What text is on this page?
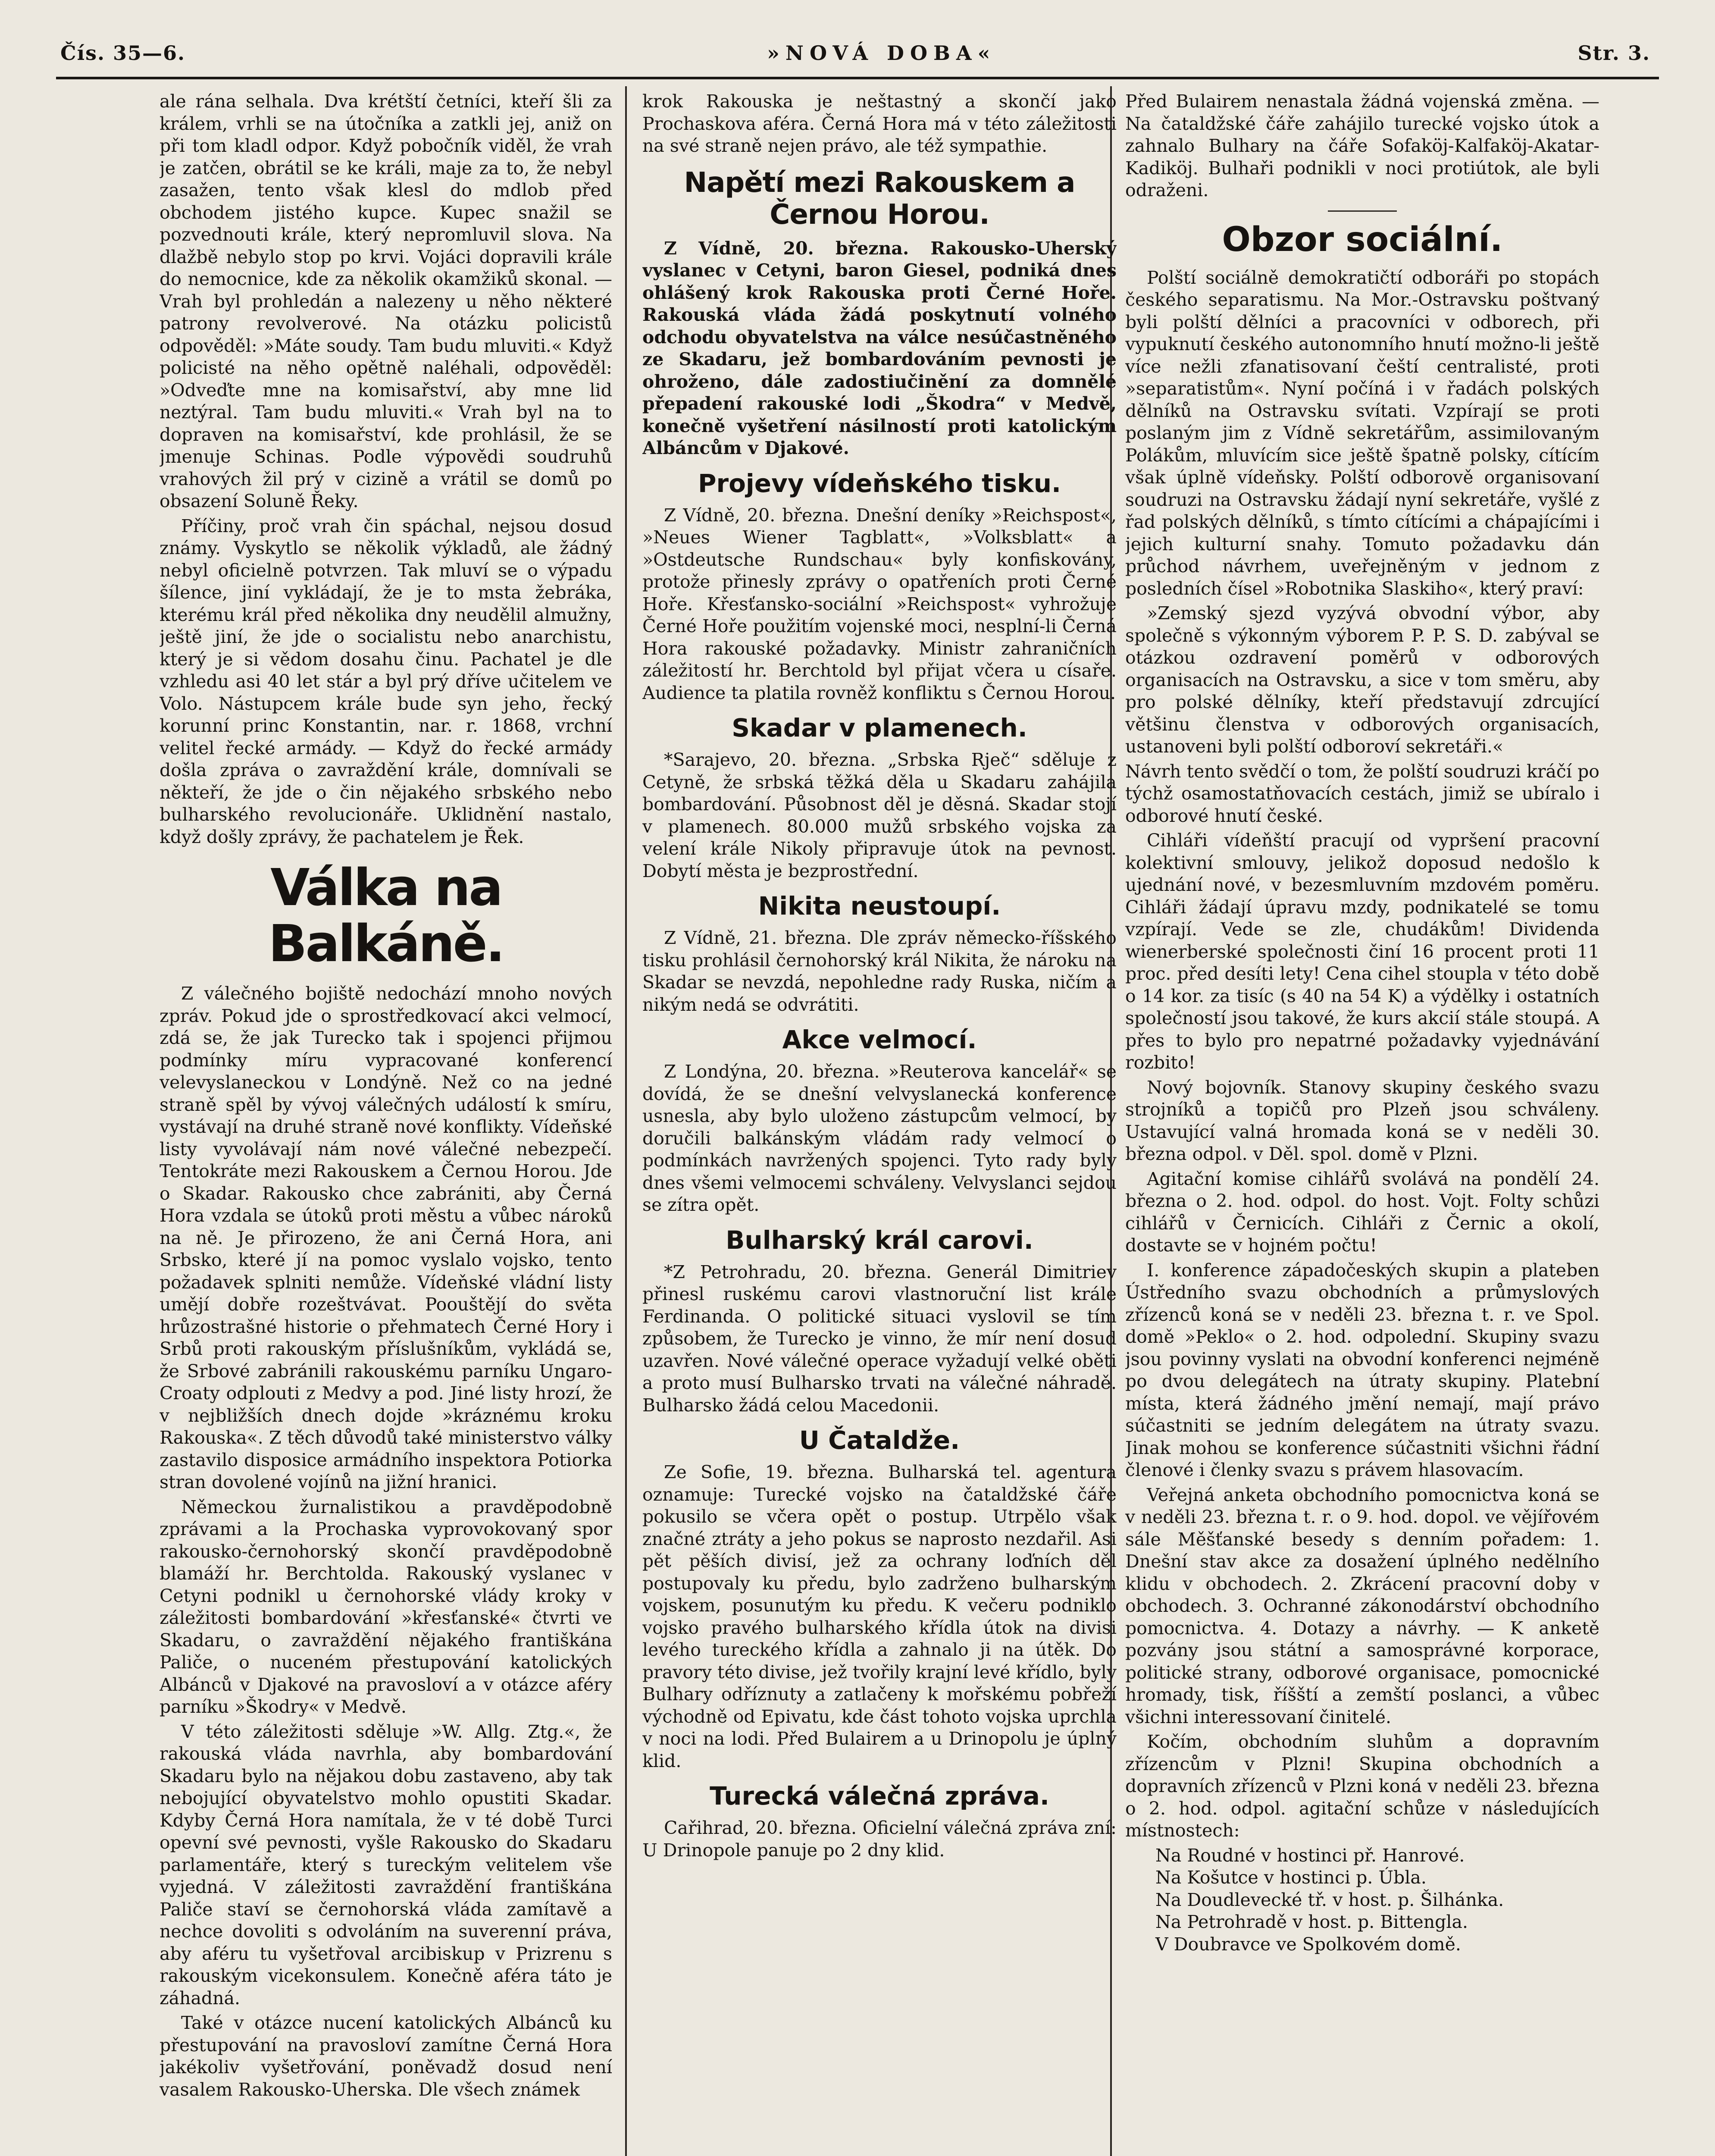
Čís. 35—6.	»NOVÁ DOBA«	Str. 3.

ale rána selhala. Dva krétští četníci, kteří šli za králem, vrhli se na útočníka a zatkli jej, aniž on při tom kladl odpor. Když pobočník viděl, že vrah je zatčen, obrátil se ke králi, maje za to, že nebyl zasažen, tento však klesl do mdlob před obchodem jistého kupce. Kupec snažil se pozvednouti krále, který nepromluvil slova. Na dlažbě nebylo stop po krvi. Vojáci dopravili krále do nemocnice, kde za několik okamžiků skonal. — Vrah byl prohledán a nalezeny u něho některé patrony revolverové. Na otázku policistů odpověděl: »Máte soudy. Tam budu mluviti.« Když policisté na něho opětně naléhali, odpověděl: »Odveďte mne na komisařství, aby mne lid neztýral. Tam budu mluviti.« Vrah byl na to dopraven na komisařství, kde prohlásil, že se jmenuje Schinas. Podle výpovědi soudruhů vrahových žil prý v cizině a vrátil se domů po obsazení Soluně Řeky.

Příčiny, proč vrah čin spáchal, nejsou dosud známy. Vyskytlo se několik výkladů, ale žádný nebyl oficielně potvrzen. Tak mluví se o výpadu šílence, jiní vykládají, že je to msta žebráka, kterému král před několika dny neudělil almužny, ještě jiní, že jde o socialistu nebo anarchistu, který je si vědom dosahu činu. Pachatel je dle vzhledu asi 40 let stár a byl prý dříve učitelem ve Volo. Nástupcem krále bude syn jeho, řecký korunní princ Konstantin, nar. r. 1868, vrchní velitel řecké armády. — Když do řecké armády došla zpráva o zavraždění krále, domnívali se někteří, že jde o čin nějakého srbského nebo bulharského revolucionáře. Uklidnění nastalo, když došly zprávy, že pachatelem je Řek.

Válka na Balkáně.

Z válečného bojiště nedochází mnoho nových zpráv. Pokud jde o sprostředkovací akci velmocí, zdá se, že jak Turecko tak i spojenci přijmou podmínky míru vypracované konferencí velevyslaneckou v Londýně. Než co na jedné straně spěl by vývoj válečných událostí k smíru, vystávají na druhé straně nové konflikty. Vídeňské listy vyvolávají nám nové válečné nebezpečí. Tentokráte mezi Rakouskem a Černou Horou. Jde o Skadar. Rakousko chce zabrániti, aby Černá Hora vzdala se útoků proti městu a vůbec nároků na ně. Je přirozeno, že ani Černá Hora, ani Srbsko, které jí na pomoc vyslalo vojsko, tento požadavek splniti nemůže. Vídeňské vládní listy umějí dobře rozeštvávat. Poouštějí do světa hrůzostrašné historie o přehmatech Černé Hory i Srbů proti rakouským příslušníkům, vykládá se, že Srbové zabránili rakouskému parníku Ungaro-Croaty odplouti z Medvy a pod. Jiné listy hrozí, že v nejbližších dnech dojde »kráznému kroku Rakouska«. Z těch důvodů také ministerstvo války zastavilo disposice armádního inspektora Potiorka stran dovolené vojínů na jižní hranici.

Německou žurnalistikou a pravděpodobně zprávami a la Prochaska vyprovokovaný spor rakousko-černohorský skončí pravděpodobně blamáží hr. Berchtolda. Rakouský vyslanec v Cetyni podnikl u černohorské vlády kroky v záležitosti bombardování »křesťanské« čtvrti ve Skadaru, o zavraždění nějakého františkána Paliče, o nuceném přestupování katolických Albánců v Djakové na pravosloví a v otázce aféry parníku »Škodry« v Medvě.

V této záležitosti sděluje »W. Allg. Ztg.«, že rakouská vláda navrhla, aby bombardování Skadaru bylo na nějakou dobu zastaveno, aby tak nebojující obyvatelstvo mohlo opustiti Skadar. Kdyby Černá Hora namítala, že v té době Turci opevní své pevnosti, vyšle Rakousko do Skadaru parlamentáře, který s tureckým velitelem vše vyjedná. V záležitosti zavraždění františkána Paliče staví se černohorská vláda zamítavě a nechce dovoliti s odvoláním na suverenní práva, aby aféru tu vyšetřoval arcibiskup v Prizrenu s rakouským vicekonsulem. Konečně aféra táto je záhadná.

Také v otázce nucení katolických Albánců ku přestupování na pravosloví zamítne Černá Hora jakékoliv vyšetřování, poněvadž dosud není vasalem Rakousko-Uherska. Dle všech známek

krok Rakouska je neštastný a skončí jako Prochaskova aféra. Černá Hora má v této záležitosti na své straně nejen právo, ale též sympathie.

Napětí mezi Rakouskem a Černou Horou.

Z Vídně, 20. března. Rakousko-Uherský vyslanec v Cetyni, baron Giesel, podniká dnes ohlášený krok Rakouska proti Černé Hoře. Rakouská vláda žádá poskytnutí volného odchodu obyvatelstva na válce nesúčastněného ze Skadaru, jež bombardováním pevnosti je ohroženo, dále zadostiučinění za domnělé přepadení rakouské lodi „Škodra“ v Medvě, konečně vyšetření násilností proti katolickým Albáncům v Djakové.

Projevy vídeňského tisku.

Z Vídně, 20. března. Dnešní deníky »Reichspost«, »Neues Wiener Tagblatt«, »Volksblatt« a »Ostdeutsche Rundschau« byly konfiskovány, protože přinesly zprávy o opatřeních proti Černé Hoře. Křesťansko-sociální »Reichspost« vyhrožuje Černé Hoře použitím vojenské moci, nesplní-li Černá Hora rakouské požadavky. Ministr zahraničních záležitostí hr. Berchtold byl přijat včera u císaře. Audience ta platila rovněž konfliktu s Černou Horou.

Skadar v plamenech.

*Sarajevo, 20. března. „Srbska Rječ“ sděluje z Cetyně, že srbská těžká děla u Skadaru zahájila bombardování. Působnost děl je děsná. Skadar stojí v plamenech. 80.000 mužů srbského vojska za velení krále Nikoly připravuje útok na pevnost. Dobytí města je bezprostřední.

Nikita neustoupí.

Z Vídně, 21. března. Dle zpráv německo-říšského tisku prohlásil černohorský král Nikita, že nároku na Skadar se nevzdá, nepohledne rady Ruska, ničím a nikým nedá se odvrátiti.

Akce velmocí.

Z Londýna, 20. března. »Reuterova kancelář« se dovídá, že se dnešní velvyslanecká konference usnesla, aby bylo uloženo zástupcům velmocí, by doručili balkánským vládám rady velmocí o podmínkách navržených spojenci. Tyto rady byly dnes všemi velmocemi schváleny. Velvyslanci sejdou se zítra opět.

Bulharský král carovi.

*Z Petrohradu, 20. března. Generál Dimitriev přinesl ruskému carovi vlastnoruční list krále Ferdinanda. O politické situaci vyslovil se tím způsobem, že Turecko je vinno, že mír není dosud uzavřen. Nové válečné operace vyžadují velké oběti a proto musí Bulharsko trvati na válečné náhradě. Bulharsko žádá celou Macedonii.

U Čataldže.

Ze Sofie, 19. března. Bulharská tel. agentura oznamuje: Turecké vojsko na čataldžské čáře pokusilo se včera opět o postup. Utrpělo však značné ztráty a jeho pokus se naprosto nezdařil. Asi pět pěších divisí, jež za ochrany loďních děl postupovaly ku předu, bylo zadrženo bulharským vojskem, posunutým ku předu. K večeru podniklo vojsko pravého bulharského křídla útok na divisi levého tureckého křídla a zahnalo ji na útěk. Do pravory této divise, jež tvořily krajní levé křídlo, byly Bulhary odříznuty a zatlačeny k mořskému pobřeží východně od Epivatu, kde část tohoto vojska uprchla v noci na lodi. Před Bulairem a u Drinopolu je úplný klid.

Turecká válečná zpráva.

Cařihrad, 20. března. Oficielní válečná zpráva zní: U Drinopole panuje po 2 dny klid.

Před Bulairem nenastala žádná vojenská změna. — Na čataldžské čáře zahájilo turecké vojsko útok a zahnalo Bulhary na čáře Sofaköj-Kalfaköj-Akatar-Kadiköj. Bulhaři podnikli v noci protiútok, ale byli odraženi.

Obzor sociální.

Polští sociálně demokratičtí odboráři po stopách českého separatismu. Na Mor.-Ostravsku poštvaný byli polští dělníci a pracovníci v odborech, při vypuknutí českého autonomního hnutí možno-li ještě více nežli zfanatisovaní čeští centralisté, proti »separatistům«. Nyní počíná i v řadách polských dělníků na Ostravsku svítati. Vzpírají se proti poslaným jim z Vídně sekretářům, assimilovaným Polákům, mluvícím sice ještě špatně polsky, cítícím však úplně vídeňsky. Polští odborově organisovaní soudruzi na Ostravsku žádají nyní sekretáře, vyšlé z řad polských dělníků, s tímto cítícími a chápajícími i jejich kulturní snahy. Tomuto požadavku dán průchod návrhem, uveřejněným v jednom z posledních čísel »Robotnika Slaskiho«, který praví:

»Zemský sjezd vyzývá obvodní výbor, aby společně s výkonným výborem P. P. S. D. zabýval se otázkou ozdravení poměrů v odborových organisacích na Ostravsku, a sice v tom směru, aby pro polské dělníky, kteří představují zdrcující většinu členstva v odborových organisacích, ustanoveni byli polští odboroví sekretáři.«

Návrh tento svědčí o tom, že polští soudruzi kráčí po týchž osamostatňovacích cestách, jimiž se ubíralo i odborové hnutí české.

Cihláři vídeňští pracují od vypršení pracovní kolektivní smlouvy, jelikož doposud nedošlo k ujednání nové, v bezesmluvním mzdovém poměru. Cihláři žádají úpravu mzdy, podnikatelé se tomu vzpírají. Vede se zle, chudákům! Dividenda wienerberské společnosti činí 16 procent proti 11 proc. před desíti lety! Cena cihel stoupla v této době o 14 kor. za tisíc (s 40 na 54 K) a výdělky i ostatních společností jsou takové, že kurs akcií stále stoupá. A přes to bylo pro nepatrné požadavky vyjednávání rozbito!

Nový bojovník. Stanovy skupiny českého svazu strojníků a topičů pro Plzeň jsou schváleny. Ustavující valná hromada koná se v neděli 30. března odpol. v Děl. spol. domě v Plzni.

Agitační komise cihlářů svolává na pondělí 24. března o 2. hod. odpol. do host. Vojt. Folty schůzi cihlářů v Černicích. Cihláři z Černic a okolí, dostavte se v hojném počtu!

I. konference západočeských skupin a plateben Ústředního svazu obchodních a průmyslových zřízenců koná se v neděli 23. března t. r. ve Spol. domě »Peklo« o 2. hod. odpolední. Skupiny svazu jsou povinny vyslati na obvodní konferenci nejméně po dvou delegátech na útraty skupiny. Platební místa, která žádného jmění nemají, mají právo súčastniti se jedním delegátem na útraty svazu. Jinak mohou se konference súčastniti všichni řádní členové i členky svazu s právem hlasovacím.

Veřejná anketa obchodního pomocnictva koná se v neděli 23. března t. r. o 9. hod. dopol. ve vějířovém sále Měšťanské besedy s denním pořadem: 1. Dnešní stav akce za dosažení úplného nedělního klidu v obchodech. 2. Zkrácení pracovní doby v obchodech. 3. Ochranné zákonodárství obchodního pomocnictva. 4. Dotazy a návrhy. — K anketě pozvány jsou státní a samosprávné korporace, politické strany, odborové organisace, pomocnické hromady, tisk, říšští a zemští poslanci, a vůbec všichni interessovaní činitelé.

Kočím, obchodním sluhům a dopravním zřízencům v Plzni! Skupina obchodních a dopravních zřízenců v Plzni koná v neděli 23. března o 2. hod. odpol. agitační schůze v následujících místnostech:

Na Roudné v hostinci př. Hanrové.
Na Košutce v hostinci p. Úbla.
Na Doudlevecké tř. v host. p. Šilhánka.
Na Petrohradě v host. p. Bittengla.
V Doubravce ve Spolkovém domě.
